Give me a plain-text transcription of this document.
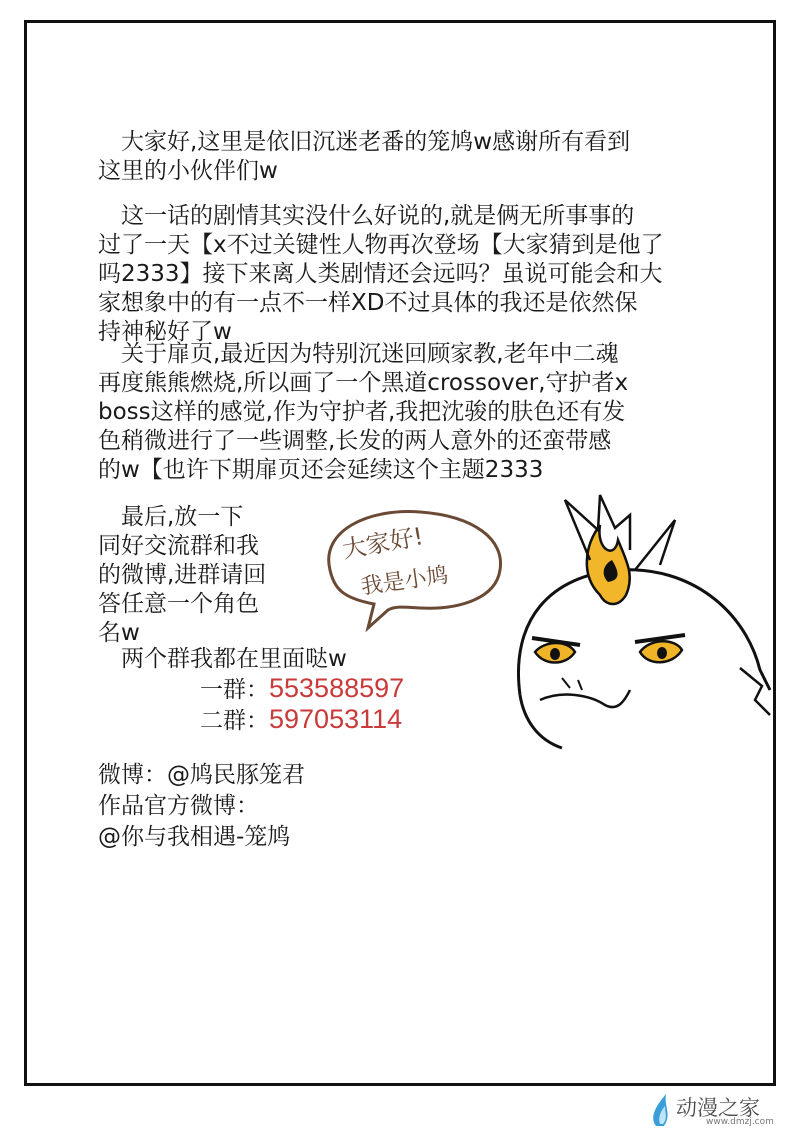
　大家好,这里是依旧沉迷老番的笼鸠w感谢所有看到
这里的小伙伴们w
　这一话的剧情其实没什么好说的,就是俩无所事事的
过了一天【x不过关键性人物再次登场【大家猜到是他了
吗2333】接下来离人类剧情还会远吗？虽说可能会和大
家想象中的有一点不一样XD不过具体的我还是依然保
持神秘好了w
　关于扉页,最近因为特别沉迷回顾家教,老年中二魂
再度熊熊燃烧,所以画了一个黑道crossover,守护者x
boss这样的感觉,作为守护者,我把沈骏的肤色还有发
色稍微进行了一些调整,长发的两人意外的还蛮带感
的w【也许下期扉页还会延续这个主题2333
　最后,放一下
同好交流群和我
的微博,进群请回
答任意一个角色
名w
　两个群我都在里面哒w
一群：553588597
二群：597053114
微博：@鸠民豚笼君
作品官方微博：
@你与我相遇-笼鸠
大家好!
我是小鸠
动漫之家
www.dmzj.com
